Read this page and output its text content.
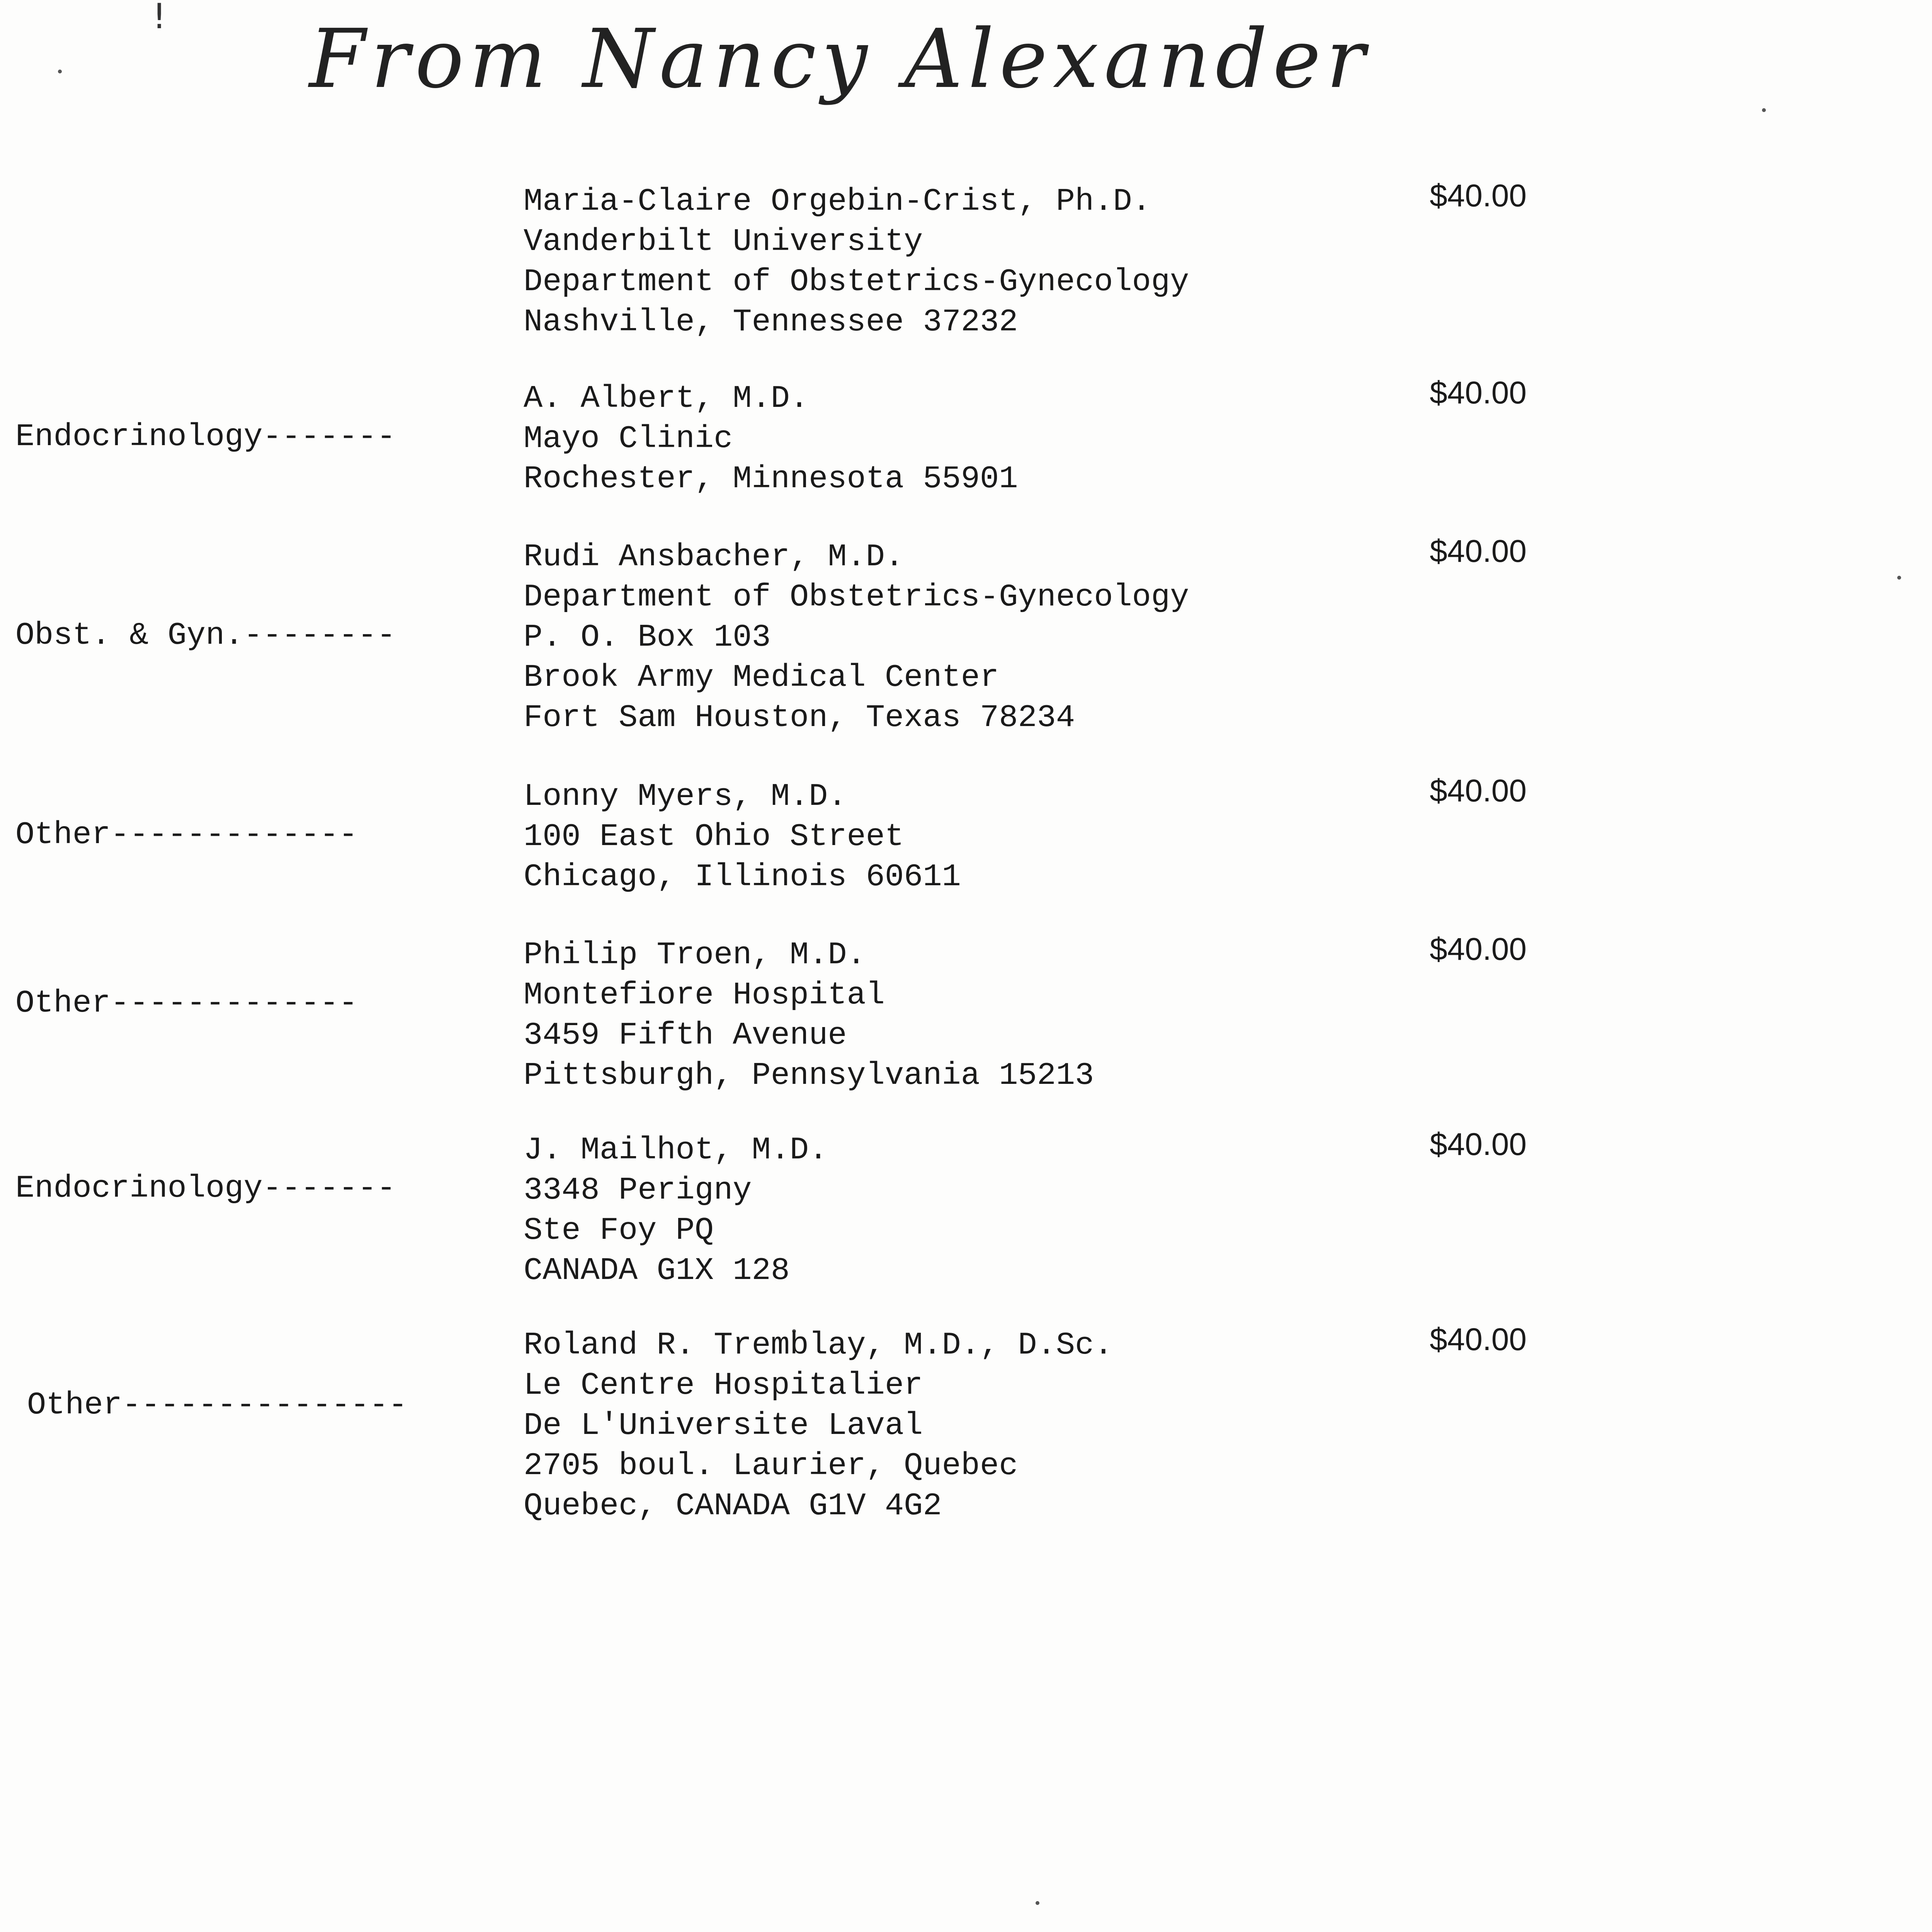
From Nancy Alexander
!
Maria-Claire Orgebin-Crist, Ph.D.
Vanderbilt University
Department of Obstetrics-Gynecology
Nashville, Tennessee 37232
$40.00
Endocrinology-------
A. Albert, M.D.
Mayo Clinic
Rochester, Minnesota 55901
$40.00
Obst. & Gyn.--------
Rudi Ansbacher, M.D.
Department of Obstetrics-Gynecology
P. O. Box 103
Brook Army Medical Center
Fort Sam Houston, Texas 78234
$40.00
Other-------------
Lonny Myers, M.D.
100 East Ohio Street
Chicago, Illinois 60611
$40.00
Other-------------
Philip Troen, M.D.
Montefiore Hospital
3459 Fifth Avenue
Pittsburgh, Pennsylvania 15213
$40.00
Endocrinology-------
J. Mailhot, M.D.
3348 Perigny
Ste Foy PQ
CANADA G1X 128
$40.00
Other---------------
Roland R. Tremblay, M.D., D.Sc.
Le Centre Hospitalier
De L'Universite Laval
2705 boul. Laurier, Quebec
Quebec, CANADA G1V 4G2
$40.00
